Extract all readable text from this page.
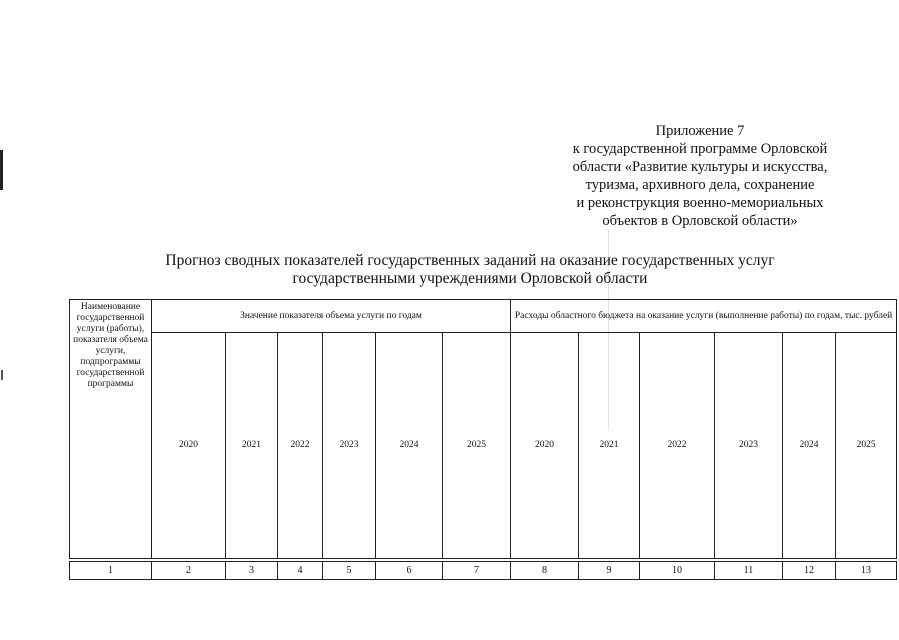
Приложение 7
к государственной программе Орловской
области «Развитие культуры и искусства,
туризма, архивного дела, сохранение
и реконструкция военно-мемориальных
объектов в Орловской области»
Прогноз сводных показателей государственных заданий на оказание государственных услуг
государственными учреждениями Орловской области
Наименование государственной услуги (работы), показателя объема услуги, подпрограммы государственной программы	Значение показателя объема услуги по годам						Расходы областного бюджета на оказание услуги (выполнение работы) по годам, тыс. рублей					
	2020	2021	2022	2023	2024	2025	2020	2021	2022	2023	2024	2025
1	2	3	4	5	6	7	8	9	10	11	12	13
